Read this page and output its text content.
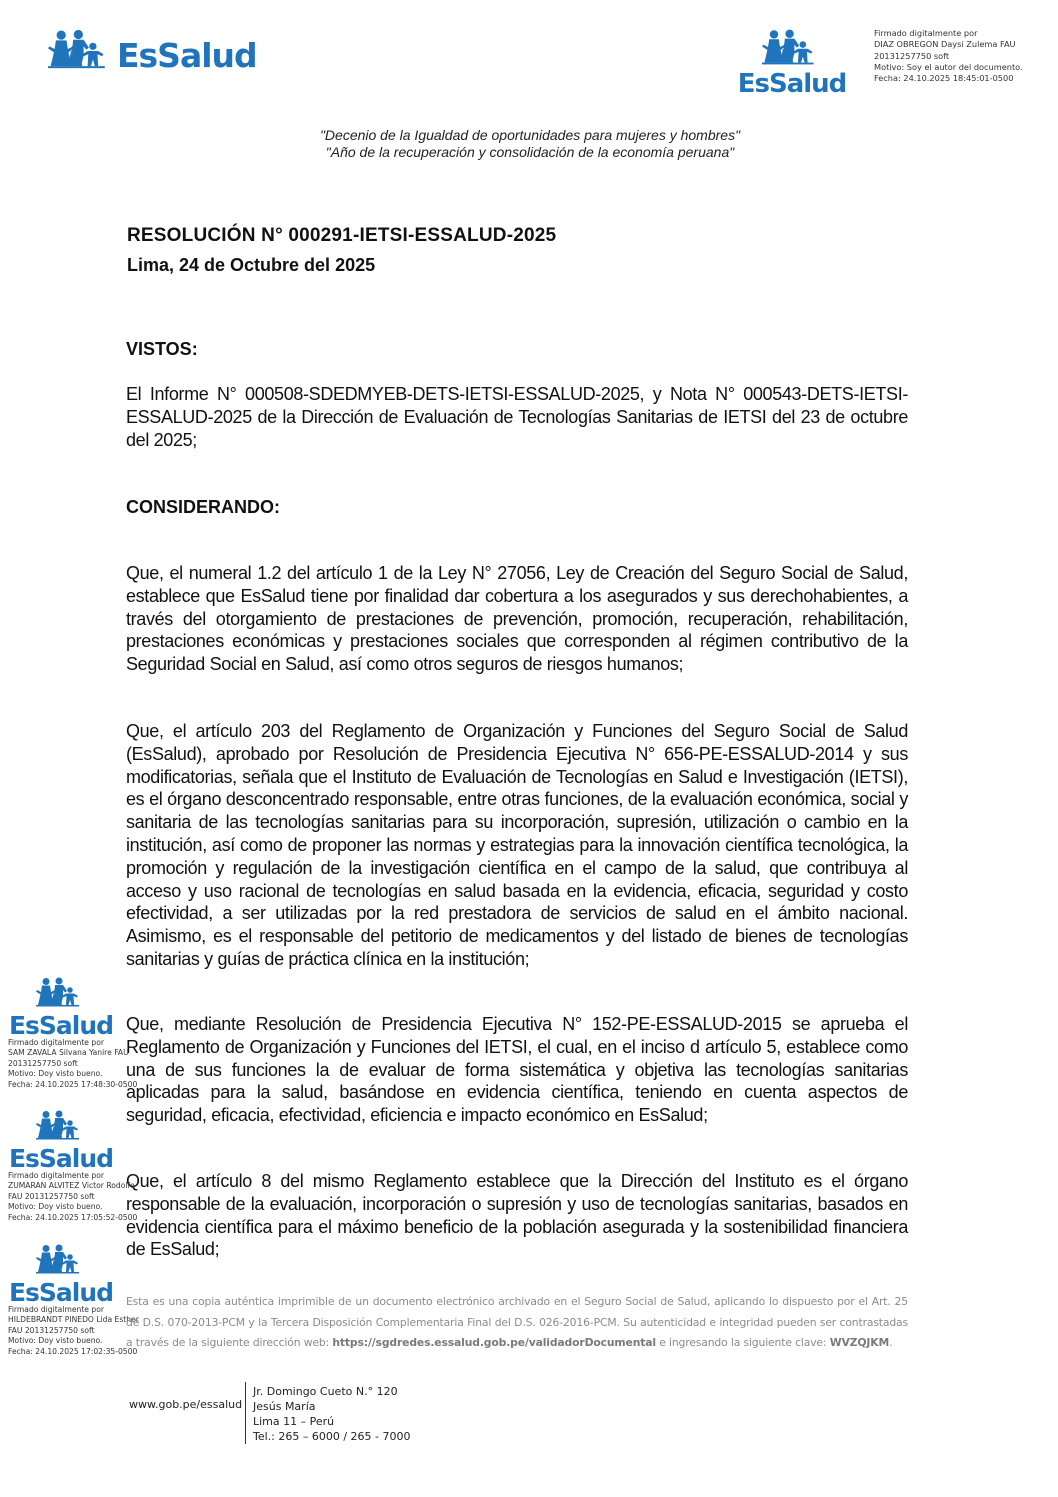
EsSalud
EsSalud
Firmado digitalmente por
DIAZ OBREGON Daysi Zulema FAU
20131257750 soft
Motivo: Soy el autor del documento.
Fecha: 24.10.2025 18:45:01-0500
"Decenio de la Igualdad de oportunidades para mujeres y hombres"
"Año de la recuperación y consolidación de la economía peruana"
RESOLUCIÓN N° 000291-IETSI-ESSALUD-2025
Lima, 24 de Octubre del 2025
VISTOS:
El Informe N° 000508-SDEDMYEB-DETS-IETSI-ESSALUD-2025, y Nota N° 000543-DETS-IETSI-ESSALUD-2025 de la Dirección de Evaluación de Tecnologías Sanitarias de IETSI del 23 de octubre del 2025;
CONSIDERANDO:
Que, el numeral 1.2 del artículo 1 de la Ley N° 27056, Ley de Creación del Seguro Social de Salud, establece que EsSalud tiene por finalidad dar cobertura a los asegurados y sus derechohabientes, a través del otorgamiento de prestaciones de prevención, promoción, recuperación, rehabilitación, prestaciones económicas y prestaciones sociales que corresponden al régimen contributivo de la Seguridad Social en Salud, así como otros seguros de riesgos humanos;
Que, el artículo 203 del Reglamento de Organización y Funciones del Seguro Social de Salud (EsSalud), aprobado por Resolución de Presidencia Ejecutiva N° 656-PE-ESSALUD-2014 y sus modificatorias, señala que el Instituto de Evaluación de Tecnologías en Salud e Investigación (IETSI), es el órgano desconcentrado responsable, entre otras funciones, de la evaluación económica, social y sanitaria de las tecnologías sanitarias para su incorporación, supresión, utilización o cambio en la institución, así como de proponer las normas y estrategias para la innovación científica tecnológica, la promoción y regulación de la investigación científica en el campo de la salud, que contribuya al acceso y uso racional de tecnologías en salud basada en la evidencia, eficacia, seguridad y costo efectividad, a ser utilizadas por la red prestadora de servicios de salud en el ámbito nacional. Asimismo, es el responsable del petitorio de medicamentos y del listado de bienes de tecnologías sanitarias y guías de práctica clínica en la institución;
Que, mediante Resolución de Presidencia Ejecutiva N° 152-PE-ESSALUD-2015 se aprueba el Reglamento de Organización y Funciones del IETSI, el cual, en el inciso d artículo 5, establece como una de sus funciones la de evaluar de forma sistemática y objetiva las tecnologías sanitarias aplicadas para la salud, basándose en evidencia científica, teniendo en cuenta aspectos de seguridad, eficacia, efectividad, eficiencia e impacto económico en EsSalud;
Que, el artículo 8 del mismo Reglamento establece que la Dirección del Instituto es el órgano responsable de la evaluación, incorporación o supresión y uso de tecnologías sanitarias, basados en evidencia científica para el máximo beneficio de la población asegurada y la sostenibilidad financiera de EsSalud;
EsSalud
Firmado digitalmente por
SAM ZAVALA Silvana Yanire FAU
20131257750 soft
Motivo: Doy visto bueno.
Fecha: 24.10.2025 17:48:30-0500
EsSalud
Firmado digitalmente por
ZUMARAN ALVITEZ Victor Rodolfo
FAU 20131257750 soft
Motivo: Doy visto bueno.
Fecha: 24.10.2025 17:05:52-0500
EsSalud
Firmado digitalmente por
HILDEBRANDT PINEDO Lida Esther
FAU 20131257750 soft
Motivo: Doy visto bueno.
Fecha: 24.10.2025 17:02:35-0500
Esta es una copia auténtica imprimible de un documento electrónico archivado en el Seguro Social de Salud, aplicando lo dispuesto por el Art. 25 de D.S. 070-2013-PCM y la Tercera Disposición Complementaria Final del D.S. 026-2016-PCM. Su autenticidad e integridad pueden ser contrastadas a través de la siguiente dirección web: https://sgdredes.essalud.gob.pe/validadorDocumental e ingresando la siguiente clave: WVZQJKM.
www.gob.pe/essalud
Jr. Domingo Cueto N.° 120
Jesús María
Lima 11 – Perú
Tel.: 265 – 6000 / 265 - 7000
